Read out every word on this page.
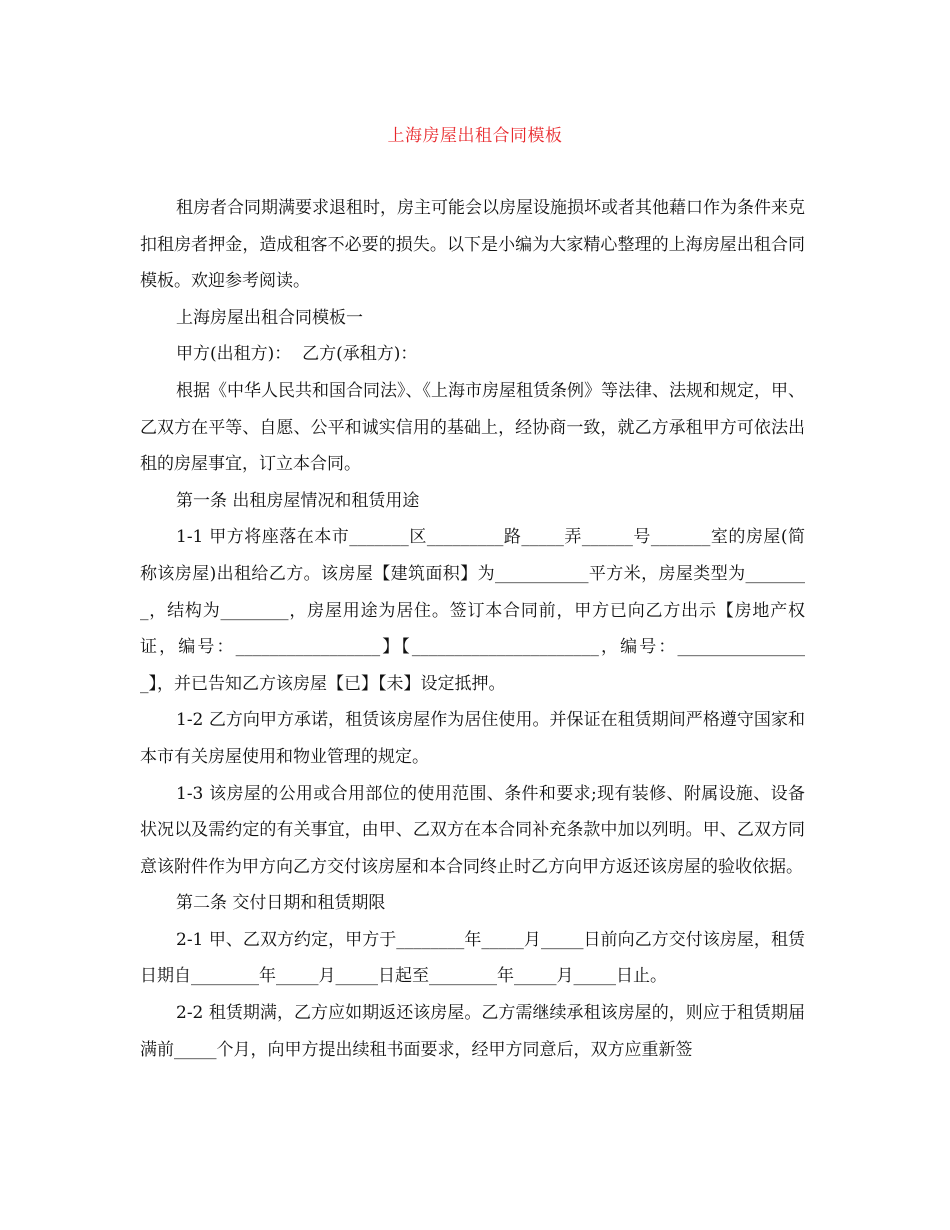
上海房屋出租合同模板

租房者合同期满要求退租时，房主可能会以房屋设施损坏或者其他藉口作为条件来克扣租房者押金，造成租客不必要的损失。以下是小编为大家精心整理的上海房屋出租合同模板。欢迎参考阅读。

上海房屋出租合同模板一

甲方(出租方)：  乙方(承租方)：

根据《中华人民共和国合同法》、《上海市房屋租赁条例》等法律、法规和规定，甲、乙双方在平等、自愿、公平和诚实信用的基础上，经协商一致，就乙方承租甲方可依法出租的房屋事宜，订立本合同。

第一条 出租房屋情况和租赁用途

1-1 甲方将座落在本市_______区_________路_____弄______号_______室的房屋(简称该房屋)出租给乙方。该房屋【建筑面积】为___________平方米，房屋类型为________，结构为________，房屋用途为居住。签订本合同前，甲方已向乙方出示【房地产权证，编号：_________________】【______________________，编号：________________】，并已告知乙方该房屋【已】【未】设定抵押。

1-2 乙方向甲方承诺，租赁该房屋作为居住使用。并保证在租赁期间严格遵守国家和本市有关房屋使用和物业管理的规定。

1-3 该房屋的公用或合用部位的使用范围、条件和要求;现有装修、附属设施、设备状况以及需约定的有关事宜，由甲、乙双方在本合同补充条款中加以列明。甲、乙双方同意该附件作为甲方向乙方交付该房屋和本合同终止时乙方向甲方返还该房屋的验收依据。

第二条 交付日期和租赁期限

2-1 甲、乙双方约定，甲方于________年_____月_____日前向乙方交付该房屋，租赁日期自________年_____月_____日起至________年_____月_____日止。

2-2 租赁期满，乙方应如期返还该房屋。乙方需继续承租该房屋的，则应于租赁期届满前_____个月，向甲方提出续租书面要求，经甲方同意后，双方应重新签
